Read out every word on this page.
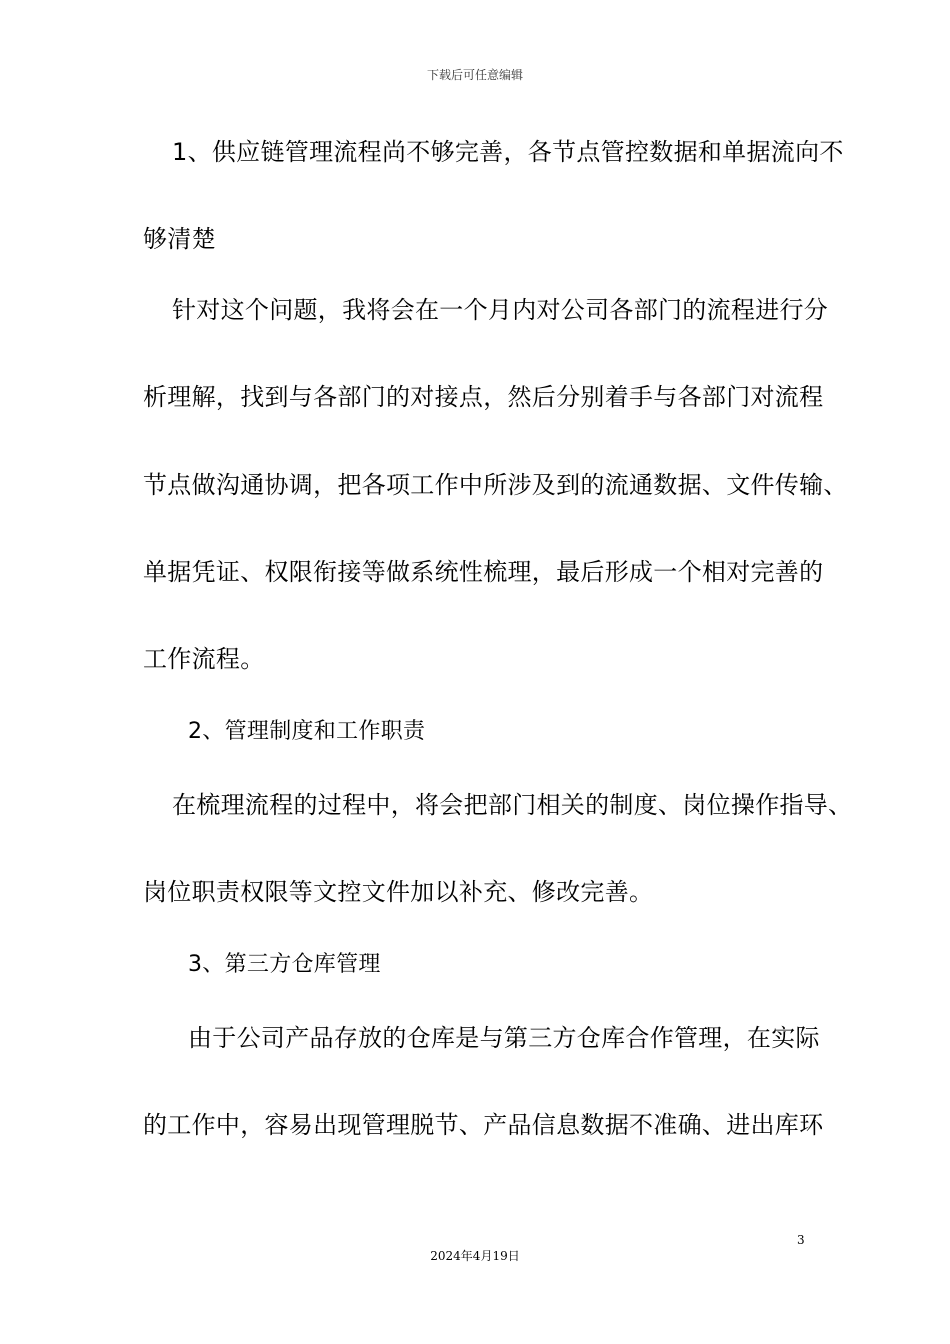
下载后可任意编辑
1、供应链管理流程尚不够完善，各节点管控数据和单据流向不
够清楚
针对这个问题，我将会在一个月内对公司各部门的流程进行分
析理解，找到与各部门的对接点，然后分别着手与各部门对流程
节点做沟通协调，把各项工作中所涉及到的流通数据、文件传输、
单据凭证、权限衔接等做系统性梳理，最后形成一个相对完善的
工作流程。
2、管理制度和工作职责
在梳理流程的过程中，将会把部门相关的制度、岗位操作指导、
岗位职责权限等文控文件加以补充、修改完善。
3、第三方仓库管理
由于公司产品存放的仓库是与第三方仓库合作管理，在实际
的工作中，容易出现管理脱节、产品信息数据不准确、进出库环
3
2024年4月19日
